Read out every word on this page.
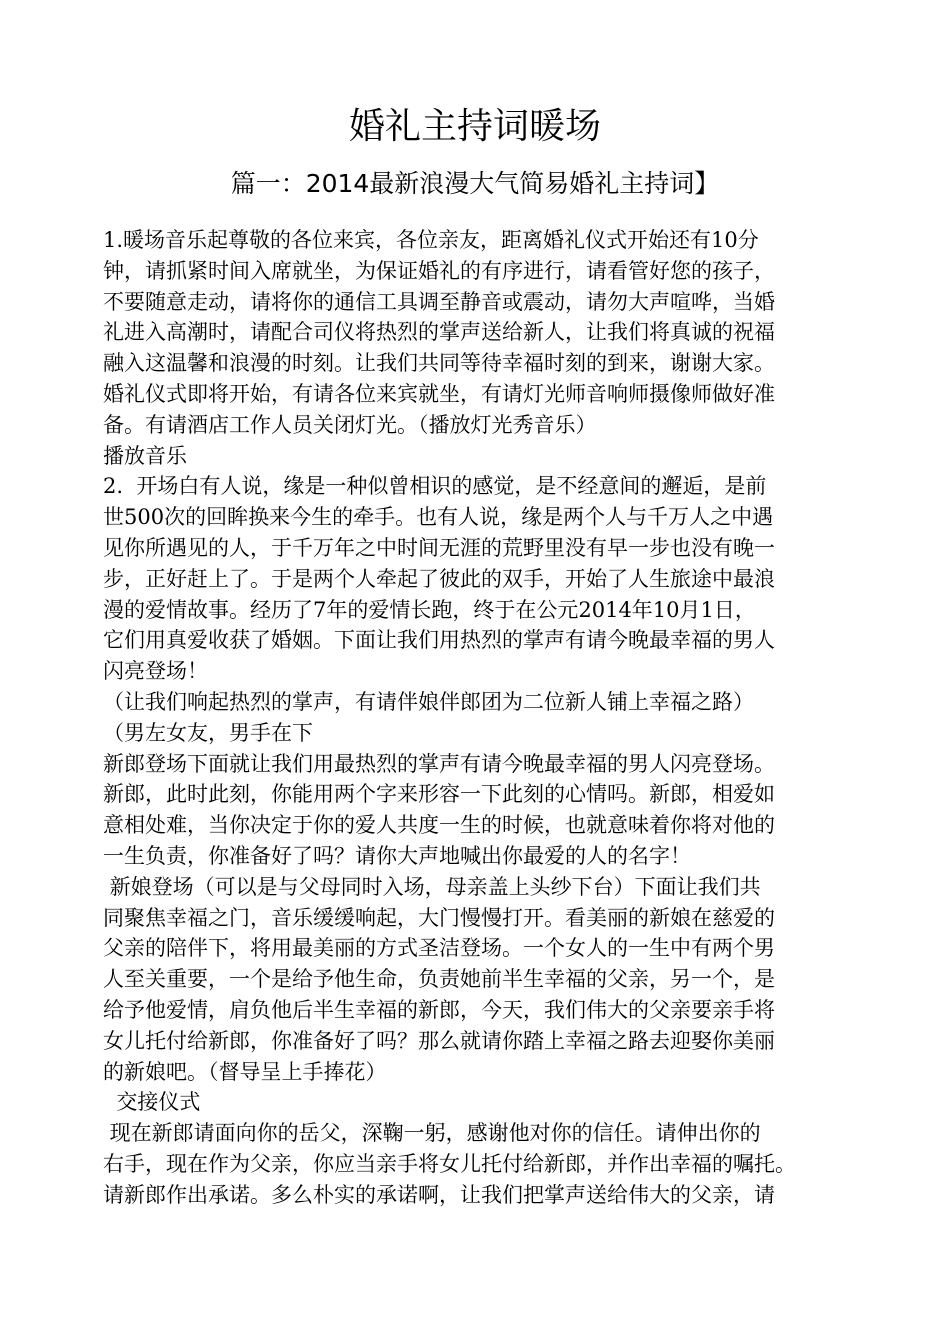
婚礼主持词暖场
篇一：2014最新浪漫大气简易婚礼主持词】
1.暖场音乐起尊敬的各位来宾，各位亲友，距离婚礼仪式开始还有10分
钟，请抓紧时间入席就坐，为保证婚礼的有序进行，请看管好您的孩子，
不要随意走动，请将你的通信工具调至静音或震动，请勿大声喧哗，当婚
礼进入高潮时，请配合司仪将热烈的掌声送给新人，让我们将真诚的祝福
融入这温馨和浪漫的时刻。让我们共同等待幸福时刻的到来，谢谢大家。
婚礼仪式即将开始，有请各位来宾就坐，有请灯光师音响师摄像师做好准
备。有请酒店工作人员关闭灯光。（播放灯光秀音乐）
播放音乐
2.  开场白有人说，缘是一种似曾相识的感觉，是不经意间的邂逅，是前
世500次的回眸换来今生的牵手。也有人说，缘是两个人与千万人之中遇
见你所遇见的人，于千万年之中时间无涯的荒野里没有早一步也没有晚一
步，正好赶上了。于是两个人牵起了彼此的双手，开始了人生旅途中最浪
漫的爱情故事。经历了7年的爱情长跑，终于在公元2014年10月1日，
它们用真爱收获了婚姻。下面让我们用热烈的掌声有请今晚最幸福的男人
闪亮登场！
（让我们响起热烈的掌声，有请伴娘伴郎团为二位新人铺上幸福之路）
（男左女友，男手在下
新郎登场下面就让我们用最热烈的掌声有请今晚最幸福的男人闪亮登场。
新郎，此时此刻，你能用两个字来形容一下此刻的心情吗。新郎，相爱如
意相处难，当你决定于你的爱人共度一生的时候，也就意味着你将对他的
一生负责，你准备好了吗？请你大声地喊出你最爱的人的名字！
新娘登场（可以是与父母同时入场，母亲盖上头纱下台）下面让我们共
同聚焦幸福之门，音乐缓缓响起，大门慢慢打开。看美丽的新娘在慈爱的
父亲的陪伴下，将用最美丽的方式圣洁登场。一个女人的一生中有两个男
人至关重要，一个是给予他生命，负责她前半生幸福的父亲，另一个，是
给予他爱情，肩负他后半生幸福的新郎，今天，我们伟大的父亲要亲手将
女儿托付给新郎，你准备好了吗？那么就请你踏上幸福之路去迎娶你美丽
的新娘吧。（督导呈上手捧花）
交接仪式
现在新郎请面向你的岳父，深鞠一躬，感谢他对你的信任。请伸出你的
右手，现在作为父亲，你应当亲手将女儿托付给新郎，并作出幸福的嘱托。
请新郎作出承诺。多么朴实的承诺啊，让我们把掌声送给伟大的父亲，请
